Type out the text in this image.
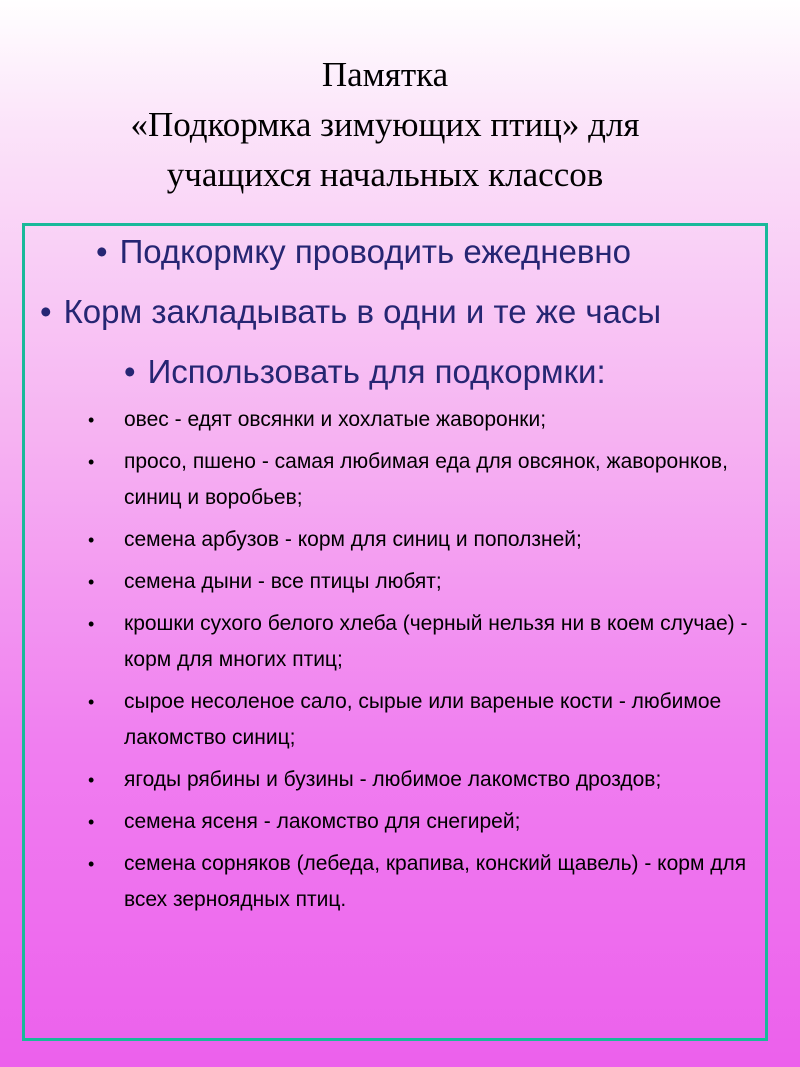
Памятка
«Подкормка зимующих птиц» для
учащихся начальных классов
• Подкормку проводить ежедневно
• Корм закладывать в одни и те же часы
• Использовать для подкормки:
• овес - едят овсянки и хохлатые жаворонки;
• просо, пшено - самая любимая еда для овсянок, жаворонков, синиц и воробьев;
• семена арбузов - корм для синиц и поползней;
• семена дыни - все птицы любят;
• крошки сухого белого хлеба (черный нельзя ни в коем случае) - корм для многих птиц;
• сырое несоленое сало, сырые или вареные кости - любимое лакомство синиц;
• ягоды рябины и бузины - любимое лакомство дроздов;
• семена ясеня - лакомство для снегирей;
• семена сорняков (лебеда, крапива, конский щавель) - корм для всех зерноядных птиц.
